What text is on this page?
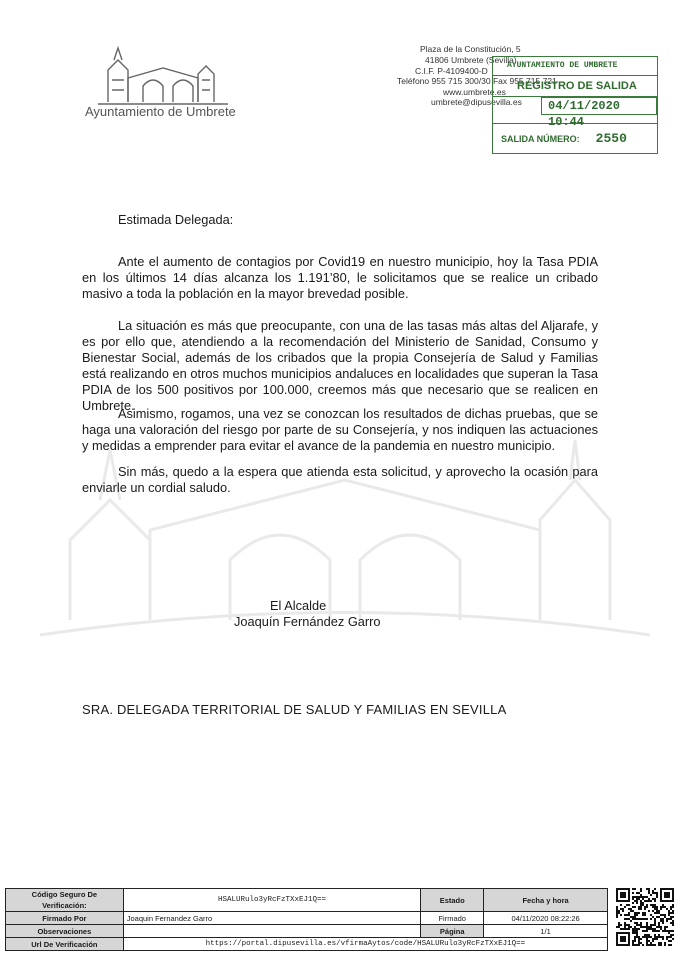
Ayuntamiento de Umbrete
Plaza de la Constitución, 5
41806 Umbrete (Sevilla)
C.I.F. P-4109400-D
Teléfono 955 715 300/30 Fax 955 715 721
www.umbrete.es
umbrete@dipusevilla.es
AYUNTAMIENTO DE UMBRETE
REGISTRO DE SALIDA
04/11/2020 10:44
SALIDA NÚMERO: 2550
Estimada Delegada:
Ante el aumento de contagios por Covid19 en nuestro municipio, hoy la Tasa PDIA en los últimos 14 días alcanza los 1.191’80, le solicitamos que se realice un cribado masivo a toda la población en la mayor brevedad posible.
La situación es más que preocupante, con una de las tasas más altas del Aljarafe, y es por ello que, atendiendo a la recomendación del Ministerio de Sanidad, Consumo y Bienestar Social, además de los cribados que la propia Consejería de Salud y Familias está realizando en otros muchos municipios andaluces en localidades que superan la Tasa PDIA de los 500 positivos por 100.000, creemos más que necesario que se realicen en Umbrete.
Asimismo, rogamos, una vez se conozcan los resultados de dichas pruebas, que se haga una valoración del riesgo por parte de su Consejería, y nos indiquen las actuaciones y medidas a emprender para evitar el avance de la pandemia en nuestro municipio.
Sin más, quedo a la espera que atienda esta solicitud, y aprovecho la ocasión para enviarle un cordial saludo.
El Alcalde
Joaquín Fernández Garro
SRA. DELEGADA TERRITORIAL DE SALUD Y FAMILIAS EN SEVILLA
Código Seguro De Verificación:	HSALURulo3yRcFzTXxEJ1Q==	Estado	Fecha y hora
Firmado Por	Joaquin Fernandez Garro	Firmado	04/11/2020 08:22:26
Observaciones		Página	1/1
Url De Verificación	https://portal.dipusevilla.es/vfirmaAytos/code/HSALURulo3yRcFzTXxEJ1Q==		
